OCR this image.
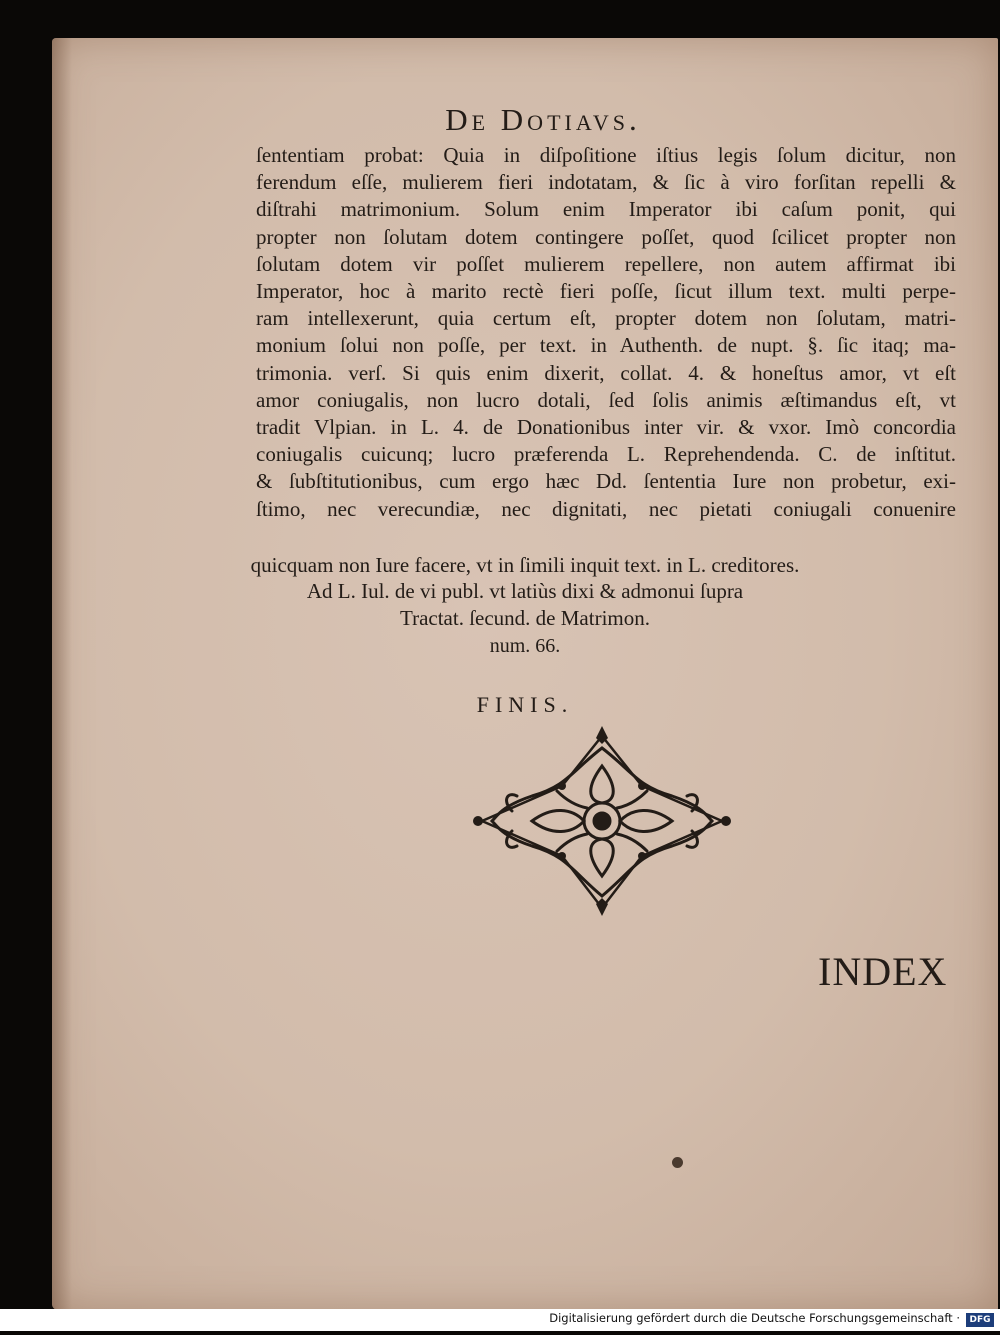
De Dotiavs.
ſententiam probat: Quia in diſpoſitione iſtius legis ſolum dicitur, non
ferendum eſſe, mulierem fieri indotatam, & ſic à viro forſitan repelli &
diſtrahi matrimonium. Solum enim Imperator ibi caſum ponit, qui
propter non ſolutam dotem contingere poſſet, quod ſcilicet propter non
ſolutam dotem vir poſſet mulierem repellere, non autem affirmat ibi
Imperator, hoc à marito rectè fieri poſſe, ſicut illum text. multi perpe-
ram intellexerunt, quia certum eſt, propter dotem non ſolutam, matri-
monium ſolui non poſſe, per text. in Authenth. de nupt. §. ſic itaq; ma-
trimonia. verſ. Si quis enim dixerit, collat. 4. & honeſtus amor, vt eſt
amor coniugalis, non lucro dotali, ſed ſolis animis æſtimandus eſt, vt
tradit Vlpian. in L. 4. de Donationibus inter vir. & vxor. Imò concordia
coniugalis cuicunq; lucro præferenda L. Reprehendenda. C. de inſtitut.
& ſubſtitutionibus, cum ergo hæc Dd. ſententia Iure non probetur, exi-
ſtimo, nec verecundiæ, nec dignitati, nec pietati coniugali conuenire
quicquam non Iure facere, vt in ſimili inquit text. in L. creditores.
Ad L. Iul. de vi publ. vt latiùs dixi & admonui ſupra
Tractat. ſecund. de Matrimon.
num. 66.
FINIS.
INDEX
Digitalisierung gefördert durch die Deutsche Forschungsgemeinschaft ·	DFG
